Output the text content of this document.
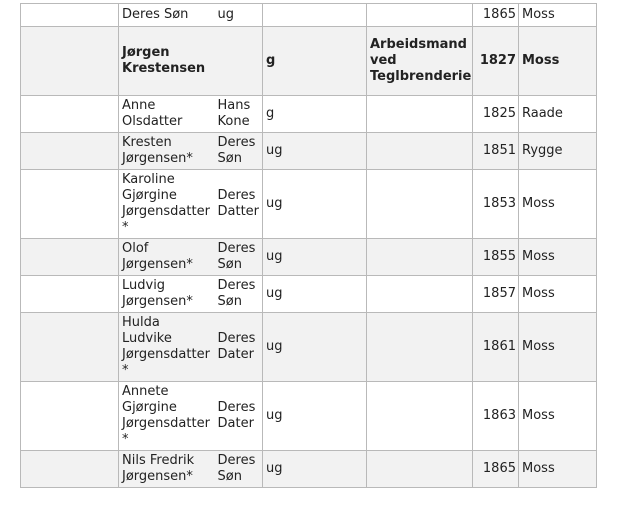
	Deres Søn	ug			1865	Moss
	Jørgen Krestensen		g	Arbeidsmand ved Teglbrenderie	1827	Moss
	Anne Olsdatter	Hans Kone	g		1825	Raade
	Kresten Jørgensen*	Deres Søn	ug		1851	Rygge
	Karoline Gjørgine Jørgensdatter *	Deres Datter	ug		1853	Moss
	Olof Jørgensen*	Deres Søn	ug		1855	Moss
	Ludvig Jørgensen*	Deres Søn	ug		1857	Moss
	Hulda Ludvike Jørgensdatter *	Deres Dater	ug		1861	Moss
	Annete Gjørgine Jørgensdatter *	Deres Dater	ug		1863	Moss
	Nils Fredrik Jørgensen*	Deres Søn	ug		1865	Moss
